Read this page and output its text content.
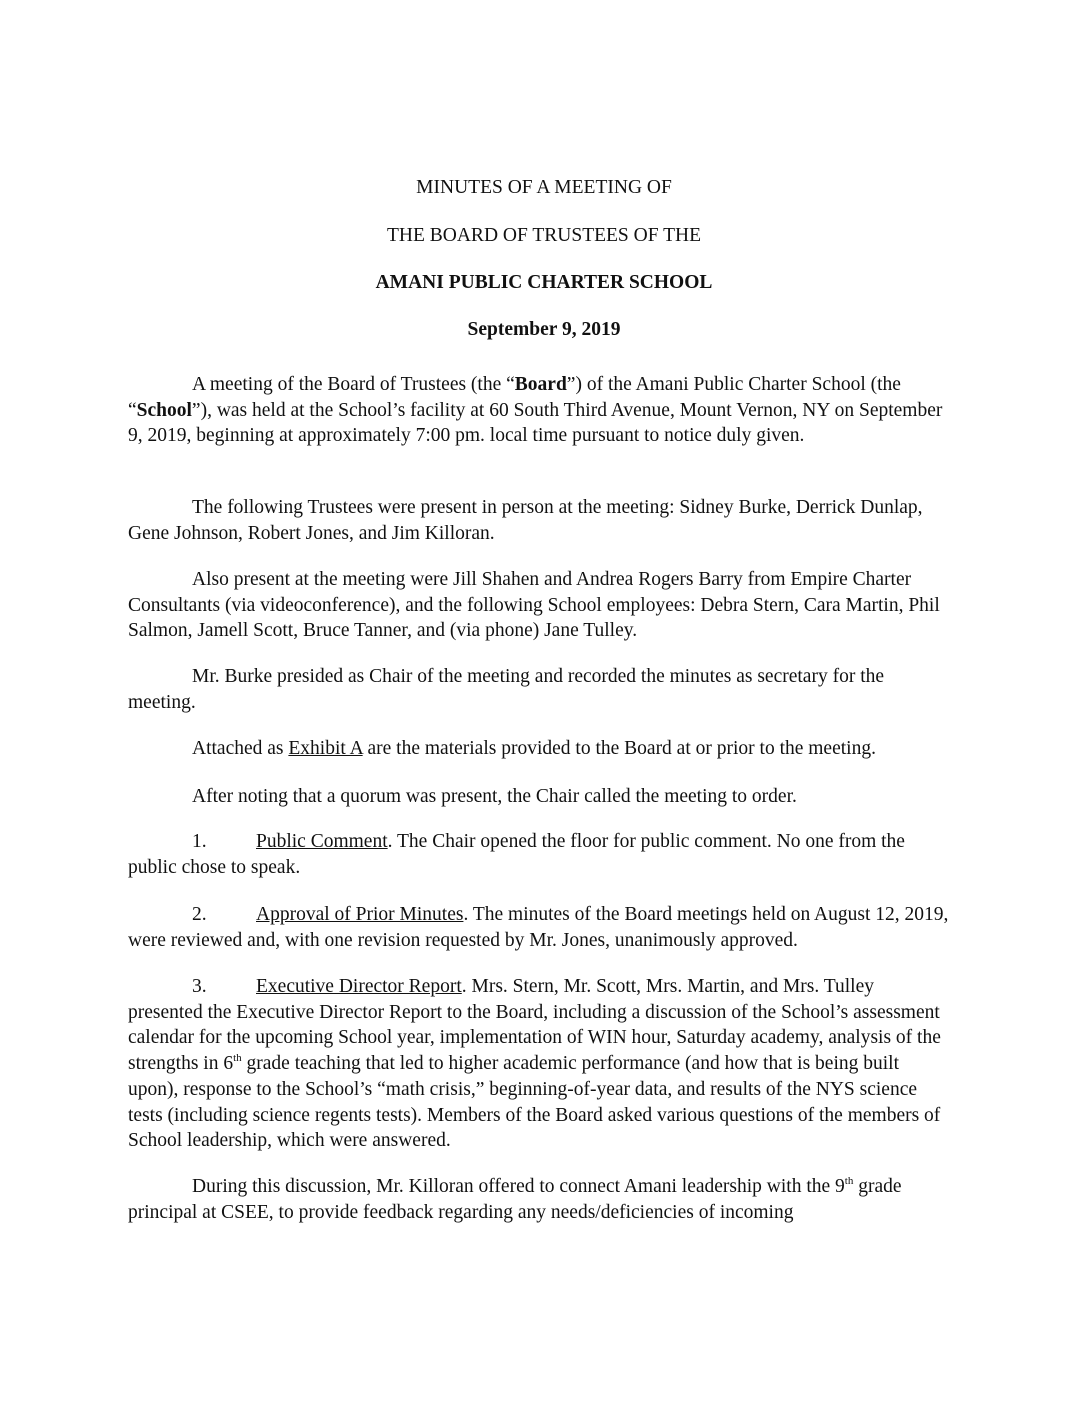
MINUTES OF A MEETING OF

THE BOARD OF TRUSTEES OF THE

AMANI PUBLIC CHARTER SCHOOL

September 9, 2019

A meeting of the Board of Trustees (the “Board”) of the Amani Public Charter School (the “School”), was held at the School’s facility at 60 South Third Avenue, Mount Vernon, NY on September 9, 2019, beginning at approximately 7:00 pm. local time pursuant to notice duly given.

The following Trustees were present in person at the meeting: Sidney Burke, Derrick Dunlap, Gene Johnson, Robert Jones, and Jim Killoran.

Also present at the meeting were Jill Shahen and Andrea Rogers Barry from Empire Charter Consultants (via videoconference), and the following School employees: Debra Stern, Cara Martin, Phil Salmon, Jamell Scott, Bruce Tanner, and (via phone) Jane Tulley.

Mr. Burke presided as Chair of the meeting and recorded the minutes as secretary for the meeting.

Attached as Exhibit A are the materials provided to the Board at or prior to the meeting.

After noting that a quorum was present, the Chair called the meeting to order.

1.	Public Comment. The Chair opened the floor for public comment. No one from the public chose to speak.

2.	Approval of Prior Minutes. The minutes of the Board meetings held on August 12, 2019, were reviewed and, with one revision requested by Mr. Jones, unanimously approved.

3.	Executive Director Report. Mrs. Stern, Mr. Scott, Mrs. Martin, and Mrs. Tulley presented the Executive Director Report to the Board, including a discussion of the School’s assessment calendar for the upcoming School year, implementation of WIN hour, Saturday academy, analysis of the strengths in 6th grade teaching that led to higher academic performance (and how that is being built upon), response to the School’s “math crisis,” beginning-of-year data, and results of the NYS science tests (including science regents tests). Members of the Board asked various questions of the members of School leadership, which were answered.

During this discussion, Mr. Killoran offered to connect Amani leadership with the 9th grade principal at CSEE, to provide feedback regarding any needs/deficiencies of incoming
